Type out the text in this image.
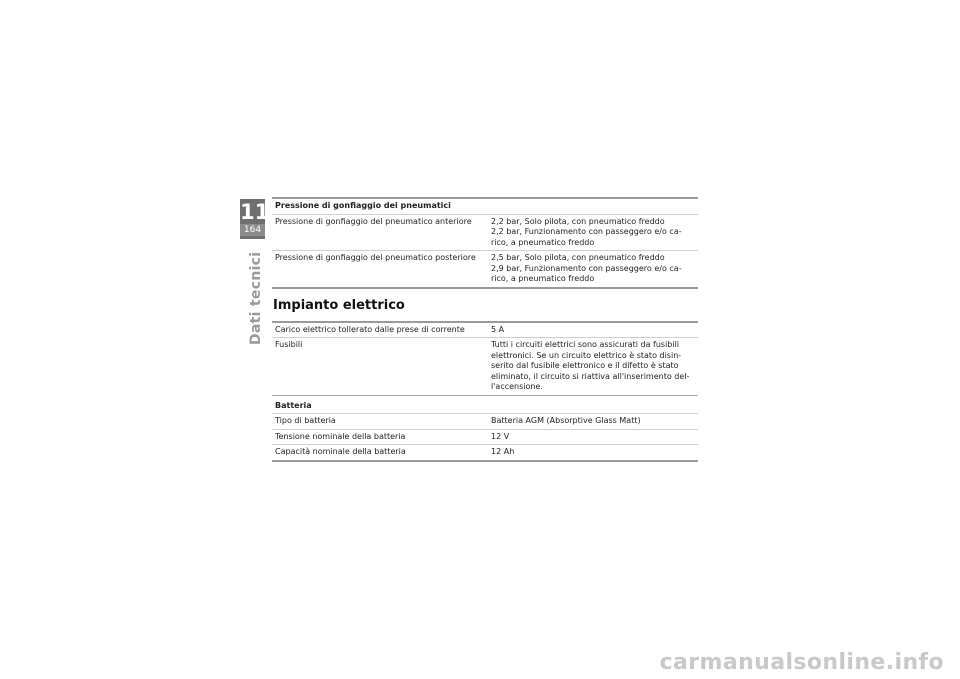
11
164
Dati tecnici
Pressione di gonfiaggio dei pneumatici	
Pressione di gonfiaggio del pneumatico anteriore	2,2 bar, Solo pilota, con pneumatico freddo
2,2 bar, Funzionamento con passeggero e/o ca-
rico, a pneumatico freddo

Pressione di gonfiaggio del pneumatico posteriore	2,5 bar, Solo pilota, con pneumatico freddo
2,9 bar, Funzionamento con passeggero e/o ca-
rico, a pneumatico freddo
Impianto elettrico
Carico elettrico tollerato dalle prese di corrente	5 A
Fusibili	Tutti i circuiti elettrici sono assicurati da fusibili
elettronici. Se un circuito elettrico è stato disin-
serito dal fusibile elettronico e il difetto è stato
eliminato, il circuito si riattiva all'inserimento del-
l'accensione.

Batteria	
Tipo di batteria	Batteria AGM (Absorptive Glass Matt)
Tensione nominale della batteria	12 V
Capacità nominale della batteria	12 Ah
carmanualsonline.info
